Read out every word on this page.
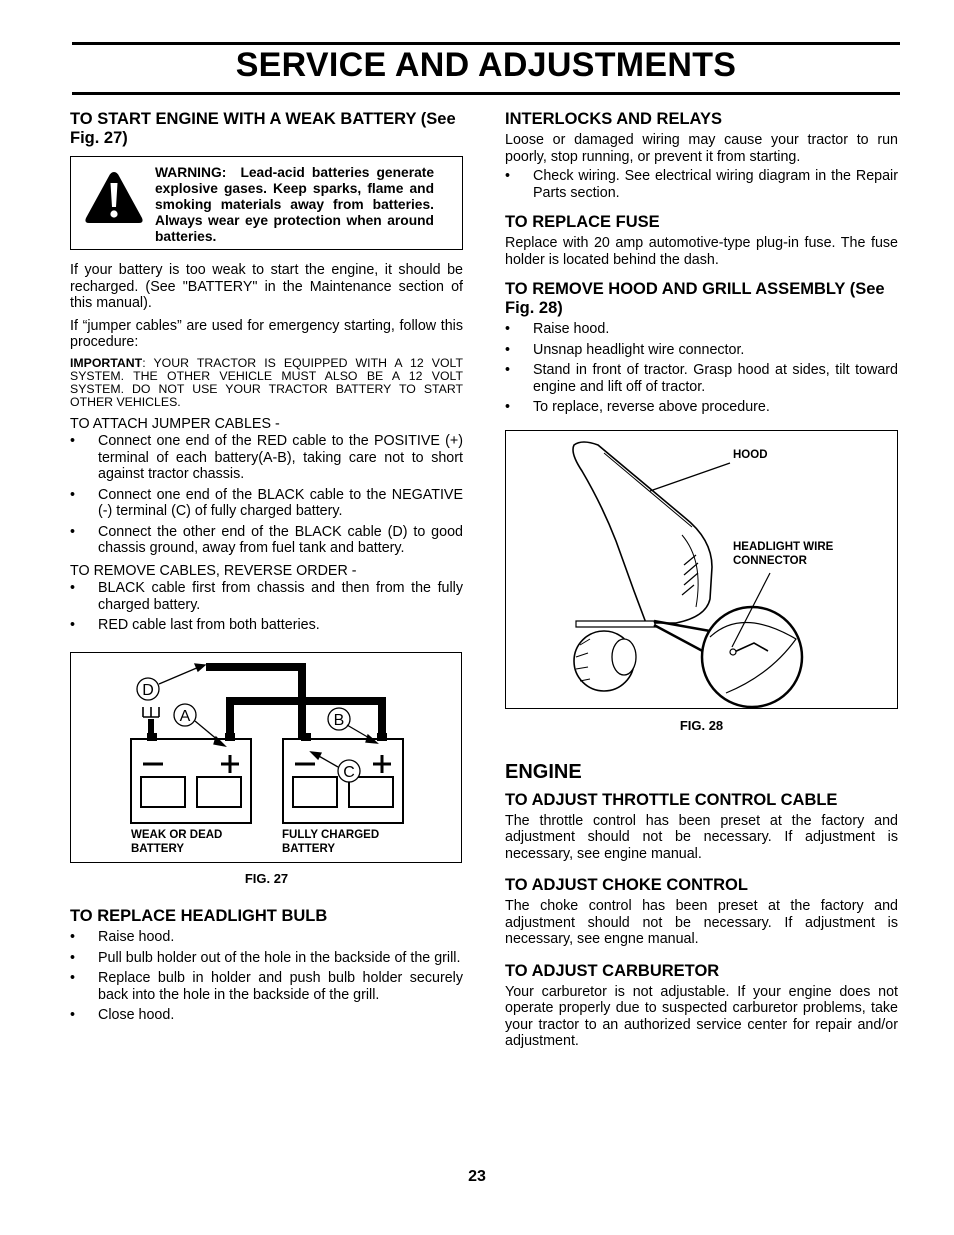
SERVICE AND ADJUSTMENTS
TO START ENGINE WITH A WEAK BATTERY (See Fig. 27)
WARNING:  Lead-acid batteries generate explosive gases. Keep sparks, flame and smoking materials away from batteries. Always wear eye protection when around batteries.

If your battery is too weak to start the engine, it should be recharged. (See "BATTERY" in the Maintenance section of this manual).

If “jumper cables” are used for emergency starting, follow this procedure:

IMPORTANT: YOUR TRACTOR IS EQUIPPED WITH A 12 VOLT SYSTEM. THE OTHER VEHICLE MUST ALSO BE A 12 VOLT SYSTEM. DO NOT USE YOUR TRACTOR BATTERY TO START OTHER VEHICLES.

TO ATTACH JUMPER CABLES -

• Connect one end of the RED cable to the POSITIVE (+) terminal of each battery(A-B), taking care not to short against tractor chassis.
• Connect one end of the BLACK cable to the NEGATIVE (-) terminal (C) of fully charged battery.
• Connect the other end of the BLACK cable (D) to good chassis ground, away from fuel tank and battery.

TO REMOVE CABLES, REVERSE ORDER -

• BLACK cable first from chassis and then from the fully charged battery.
• RED cable last from both batteries.
D
A	B
C
WEAK OR DEAD
BATTERY
FULLY CHARGED
BATTERY
FIG. 27
TO REPLACE HEADLIGHT BULB
• Raise hood.
• Pull bulb holder out of the hole in the backside of the grill.
• Replace bulb in holder and push bulb holder securely back into the hole in the backside of the grill.
• Close hood.
INTERLOCKS AND RELAYS

Loose or damaged wiring may cause your tractor to run poorly, stop running, or prevent it from starting.

• Check wiring. See electrical wiring diagram in the Repair Parts section.
TO REPLACE FUSE

Replace with 20 amp automotive-type plug-in fuse. The fuse holder is located behind the dash.

TO REMOVE HOOD AND GRILL ASSEMBLY (See Fig. 28)
• Raise hood.
• Unsnap headlight wire connector.
• Stand in front of tractor. Grasp hood at sides, tilt toward engine and lift off of tractor.
• To replace, reverse above procedure.
HOOD
HEADLIGHT WIRE
CONNECTOR
FIG. 28
ENGINE
TO ADJUST THROTTLE CONTROL CABLE

The throttle control has been preset at the factory and adjustment should not be necessary. If adjustment is necessary, see engine manual.

TO ADJUST CHOKE CONTROL

The choke control has been preset at the factory and adjustment should not be necessary. If adjustment is necessary, see engne manual.

TO ADJUST CARBURETOR

Your carburetor is not adjustable. If your engine does not operate properly due to suspected carburetor problems, take your tractor to an authorized service center for repair and/or adjustment.

23
